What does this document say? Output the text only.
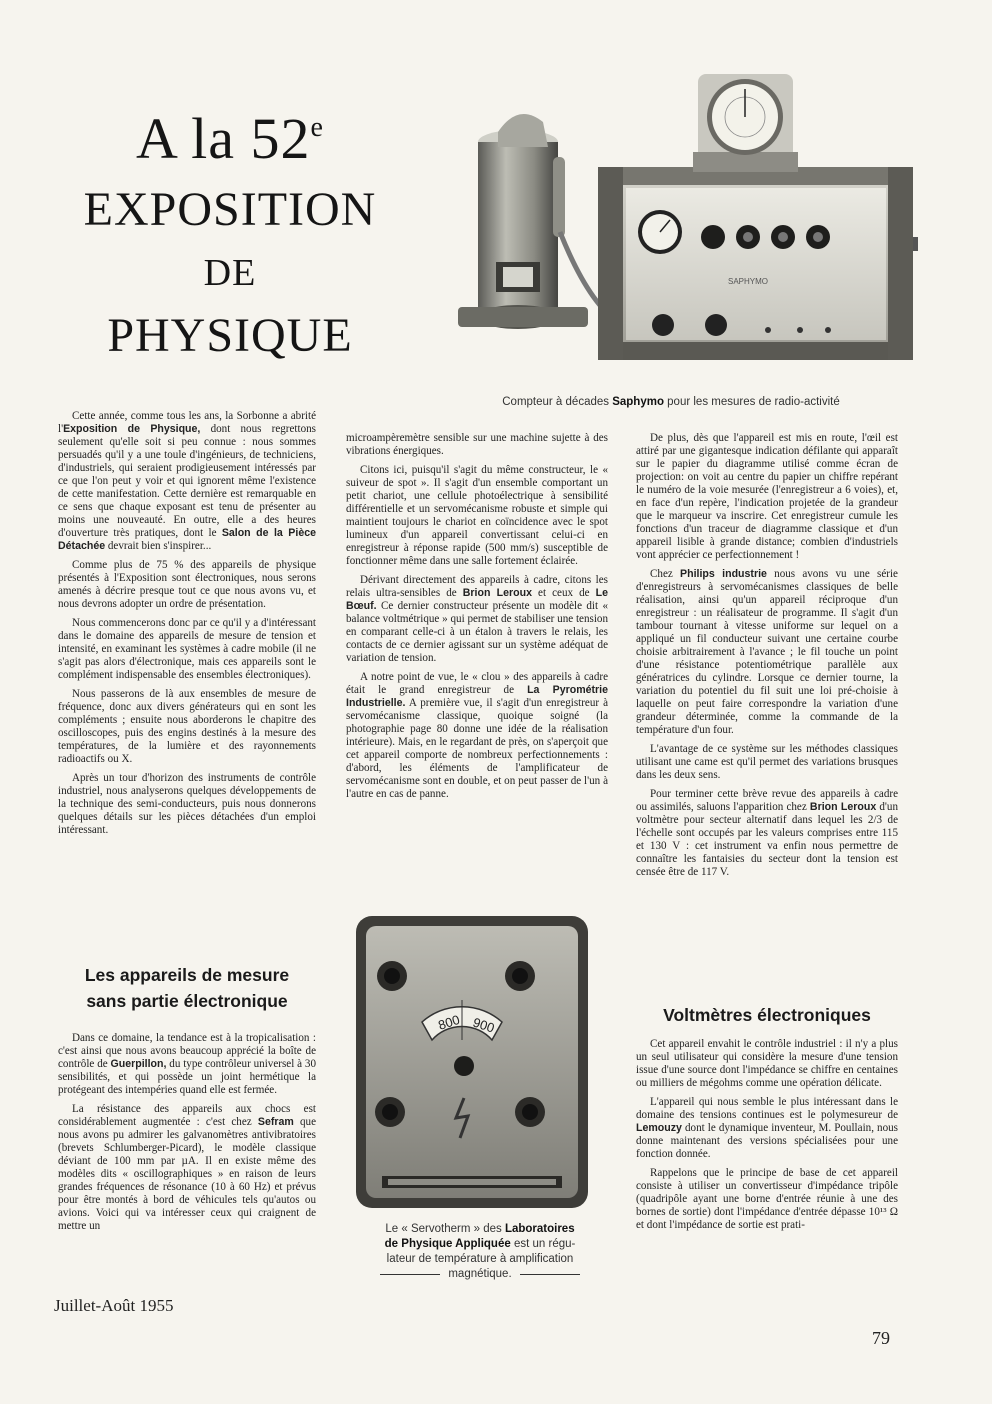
A la 52e
EXPOSITION
DE
PHYSIQUE
SAPHYMO
Compteur à décades Saphymo pour les mesures de radio-activité

Cette année, comme tous les ans, la Sorbonne a abrité l'Exposition de Physique, dont nous regrettons seulement qu'elle soit si peu connue : nous sommes persuadés qu'il y a une toule d'ingénieurs, de techniciens, d'industriels, qui seraient prodigieusement intéressés par ce que l'on peut y voir et qui ignorent même l'existence de cette manifestation. Cette dernière est remarquable en ce sens que chaque exposant est tenu de présenter au moins une nouveauté. En outre, elle a des heures d'ouverture très pratiques, dont le Salon de la Pièce Détachée devrait bien s'inspirer...

Comme plus de 75 % des appareils de physique présentés à l'Exposition sont électroniques, nous serons amenés à décrire presque tout ce que nous avons vu, et nous devrons adopter un ordre de présentation.

Nous commencerons donc par ce qu'il y a d'intéressant dans le domaine des appareils de mesure de tension et intensité, en examinant les systèmes à cadre mobile (il ne s'agit pas alors d'électronique, mais ces appareils sont le complément indispensable des ensembles électroniques).

Nous passerons de là aux ensembles de mesure de fréquence, donc aux divers générateurs qui en sont les compléments ; ensuite nous aborderons le chapitre des oscilloscopes, puis des engins destinés à la mesure des températures, de la lumière et des rayonnements radioactifs ou X.

Après un tour d'horizon des instruments de contrôle industriel, nous analyserons quelques développements de la technique des semi-conducteurs, puis nous donnerons quelques détails sur les pièces détachées d'un emploi intéressant.

Les appareils de mesure
sans partie électronique

Dans ce domaine, la tendance est à la tropicalisation : c'est ainsi que nous avons beaucoup apprécié la boîte de contrôle de Guerpillon, du type contrôleur universel à 30 sensibilités, et qui possède un joint hermétique la protégeant des intempéries quand elle est fermée.

La résistance des appareils aux chocs est considérablement augmentée : c'est chez Sefram que nous avons pu admirer les galvanomètres antivibratoires (brevets Schlumberger-Picard), le modèle classique déviant de 100 mm par µA. Il en existe même des modèles dits « oscillographiques » en raison de leurs grandes fréquences de résonance (10 à 60 Hz) et prévus pour être montés à bord de véhicules tels qu'autos ou avions. Voici qui va intéresser ceux qui craignent de mettre un

microampèremètre sensible sur une machine sujette à des vibrations énergiques.

Citons ici, puisqu'il s'agit du même constructeur, le « suiveur de spot ». Il s'agit d'un ensemble comportant un petit chariot, une cellule photoélectrique à sensibilité différentielle et un servomécanisme robuste et simple qui maintient toujours le chariot en coïncidence avec le spot lumineux d'un appareil convertissant celui-ci en enregistreur à réponse rapide (500 mm/s) susceptible de fonctionner même dans une salle fortement éclairée.

Dérivant directement des appareils à cadre, citons les relais ultra-sensibles de Brion Leroux et ceux de Le Bœuf. Ce dernier constructeur présente un modèle dit « balance voltmétrique » qui permet de stabiliser une tension en comparant celle-ci à un étalon à travers le relais, les contacts de ce dernier agissant sur un système adéquat de variation de tension.

A notre point de vue, le « clou » des appareils à cadre était le grand enregistreur de La Pyrométrie Industrielle. A première vue, il s'agit d'un enregistreur à servomécanisme classique, quoique soigné (la photographie page 80 donne une idée de la réalisation intérieure). Mais, en le regardant de près, on s'aperçoit que cet appareil comporte de nombreux perfectionnements : d'abord, les éléments de l'amplificateur de servomécanisme sont en double, et on peut passer de l'un à l'autre en cas de panne.

800 900
Le « Servotherm » des Laboratoires
de Physique Appliquée est un régu-
lateur de température à amplification
magnétique.

De plus, dès que l'appareil est mis en route, l'œil est attiré par une gigantesque indication défilante qui apparaît sur le papier du diagramme utilisé comme écran de projection: on voit au centre du papier un chiffre repérant le numéro de la voie mesurée (l'enregistreur a 6 voies), et, en face d'un repère, l'indication projetée de la grandeur que le marqueur va inscrire. Cet enregistreur cumule les fonctions d'un traceur de diagramme classique et d'un appareil lisible à grande distance; combien d'industriels vont apprécier ce perfectionnement !

Chez Philips industrie nous avons vu une série d'enregistreurs à servomécanismes classiques de belle réalisation, ainsi qu'un appareil réciproque d'un enregistreur : un réalisateur de programme. Il s'agit d'un tambour tournant à vitesse uniforme sur lequel on a appliqué un fil conducteur suivant une certaine courbe choisie arbitrairement à l'avance ; le fil touche un point d'une résistance potentiométrique parallèle aux génératrices du cylindre. Lorsque ce dernier tourne, la variation du potentiel du fil suit une loi pré-choisie à laquelle on peut faire correspondre la variation d'une grandeur déterminée, comme la commande de la température d'un four.

L'avantage de ce système sur les méthodes classiques utilisant une came est qu'il permet des variations brusques dans les deux sens.

Pour terminer cette brève revue des appareils à cadre ou assimilés, saluons l'apparition chez Brion Leroux d'un voltmètre pour secteur alternatif dans lequel les 2/3 de l'échelle sont occupés par les valeurs comprises entre 115 et 130 V : cet instrument va enfin nous permettre de connaître les fantaisies du secteur dont la tension est censée être de 117 V.

Voltmètres électroniques

Cet appareil envahit le contrôle industriel : il n'y a plus un seul utilisateur qui considère la mesure d'une tension issue d'une source dont l'impédance se chiffre en centaines ou milliers de mégohms comme une opération délicate.

L'appareil qui nous semble le plus intéressant dans le domaine des tensions continues est le polymesureur de Lemouzy dont le dynamique inventeur, M. Poullain, nous donne maintenant des versions spécialisées pour une fonction donnée.

Rappelons que le principe de base de cet appareil consiste à utiliser un convertisseur d'impédance tripôle (quadripôle ayant une borne d'entrée réunie à une des bornes de sortie) dont l'impédance d'entrée dépasse 10¹³ Ω et dont l'impédance de sortie est prati-

Juillet-Août 1955
79
